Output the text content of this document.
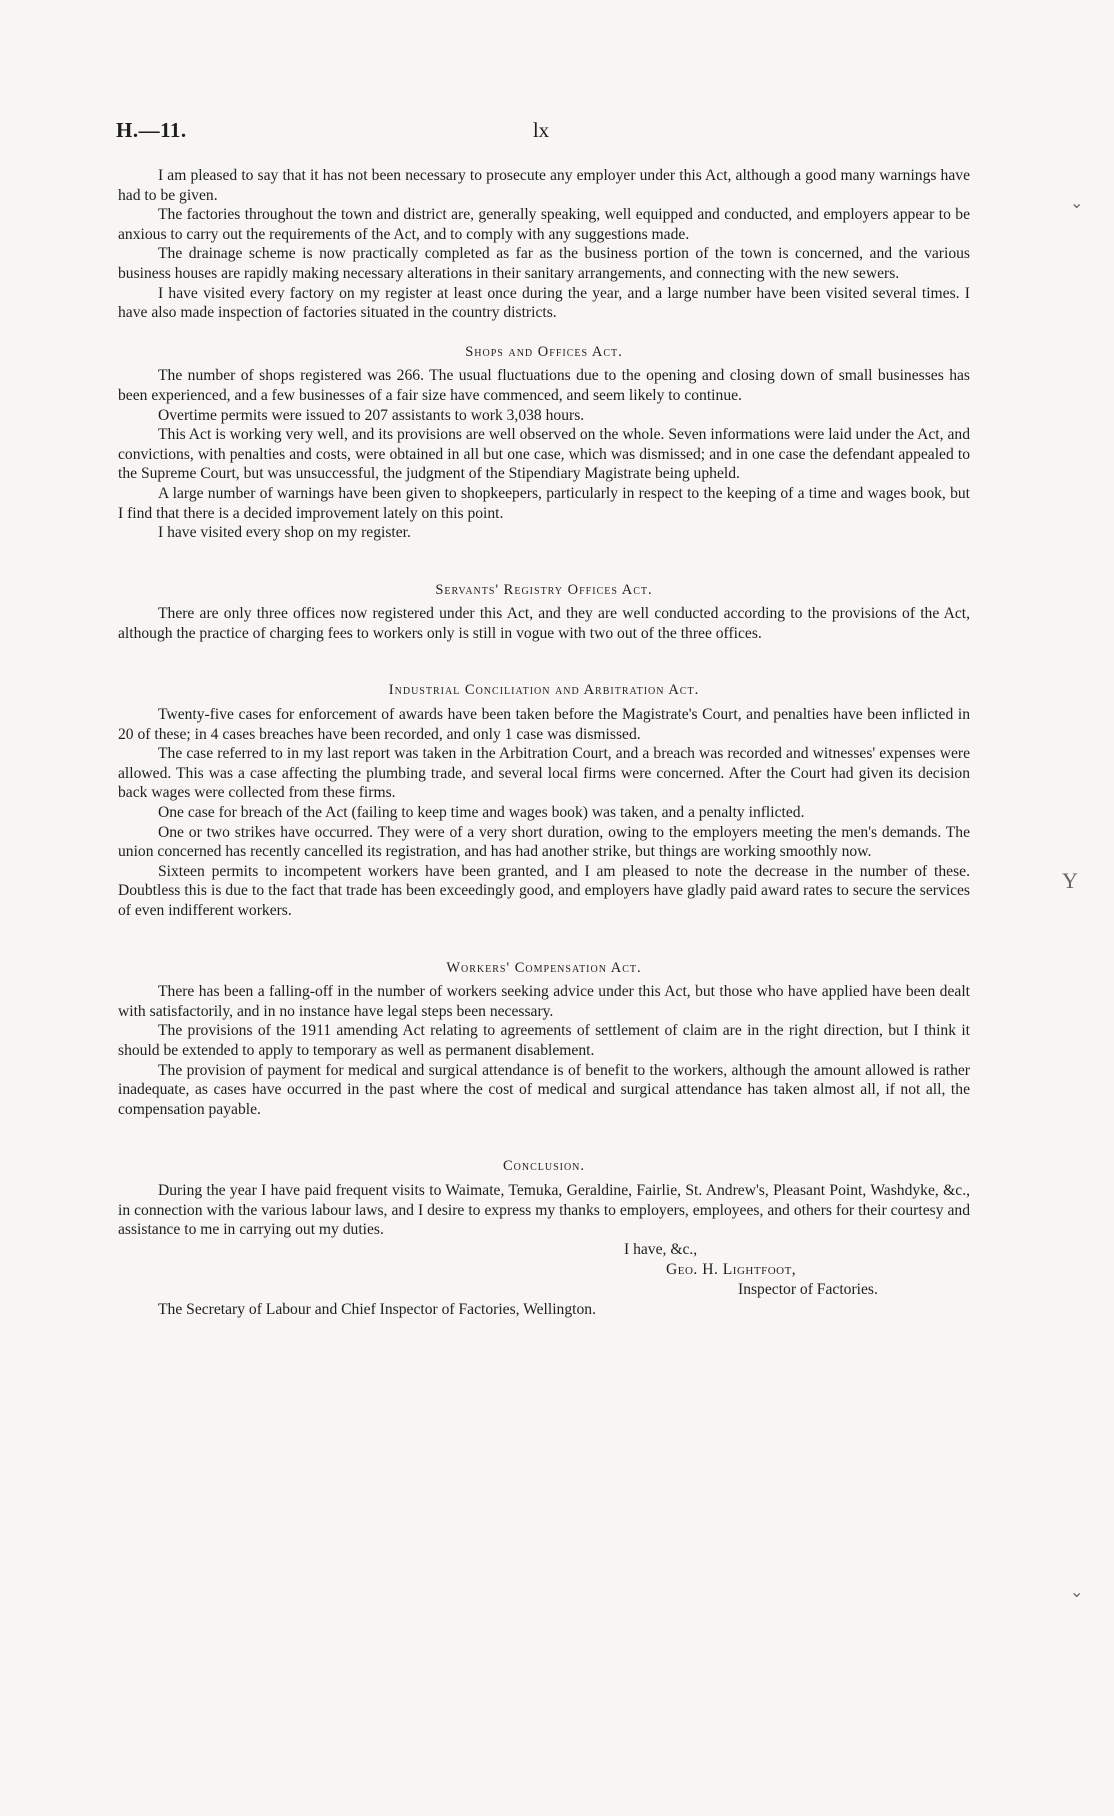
H.—11.	lx

I am pleased to say that it has not been necessary to prosecute any employer under this Act, although a good many warnings have had to be given.

The factories throughout the town and district are, generally speaking, well equipped and conducted, and employers appear to be anxious to carry out the requirements of the Act, and to comply with any suggestions made.

The drainage scheme is now practically completed as far as the business portion of the town is concerned, and the various business houses are rapidly making necessary alterations in their sanitary arrangements, and connecting with the new sewers.

I have visited every factory on my register at least once during the year, and a large number have been visited several times. I have also made inspection of factories situated in the country districts.

Shops and Offices Act.

The number of shops registered was 266. The usual fluctuations due to the opening and closing down of small businesses has been experienced, and a few businesses of a fair size have commenced, and seem likely to continue.

Overtime permits were issued to 207 assistants to work 3,038 hours.

This Act is working very well, and its provisions are well observed on the whole. Seven informations were laid under the Act, and convictions, with penalties and costs, were obtained in all but one case, which was dismissed; and in one case the defendant appealed to the Supreme Court, but was unsuccessful, the judgment of the Stipendiary Magistrate being upheld.

A large number of warnings have been given to shopkeepers, particularly in respect to the keeping of a time and wages book, but I find that there is a decided improvement lately on this point.

I have visited every shop on my register.

Servants' Registry Offices Act.

There are only three offices now registered under this Act, and they are well conducted according to the provisions of the Act, although the practice of charging fees to workers only is still in vogue with two out of the three offices.

Industrial Conciliation and Arbitration Act.

Twenty-five cases for enforcement of awards have been taken before the Magistrate's Court, and penalties have been inflicted in 20 of these; in 4 cases breaches have been recorded, and only 1 case was dismissed.

The case referred to in my last report was taken in the Arbitration Court, and a breach was recorded and witnesses' expenses were allowed. This was a case affecting the plumbing trade, and several local firms were concerned. After the Court had given its decision back wages were collected from these firms.

One case for breach of the Act (failing to keep time and wages book) was taken, and a penalty inflicted.

One or two strikes have occurred. They were of a very short duration, owing to the employers meeting the men's demands. The union concerned has recently cancelled its registration, and has had another strike, but things are working smoothly now.

Sixteen permits to incompetent workers have been granted, and I am pleased to note the decrease in the number of these. Doubtless this is due to the fact that trade has been exceedingly good, and employers have gladly paid award rates to secure the services of even indifferent workers.

Workers' Compensation Act.

There has been a falling-off in the number of workers seeking advice under this Act, but those who have applied have been dealt with satisfactorily, and in no instance have legal steps been necessary.

The provisions of the 1911 amending Act relating to agreements of settlement of claim are in the right direction, but I think it should be extended to apply to temporary as well as permanent disablement.

The provision of payment for medical and surgical attendance is of benefit to the workers, although the amount allowed is rather inadequate, as cases have occurred in the past where the cost of medical and surgical attendance has taken almost all, if not all, the compensation payable.

Conclusion.

During the year I have paid frequent visits to Waimate, Temuka, Geraldine, Fairlie, St. Andrew's, Pleasant Point, Washdyke, &c., in connection with the various labour laws, and I desire to express my thanks to employers, employees, and others for their courtesy and assistance to me in carrying out my duties.

I have, &c.,
Geo. H. Lightfoot,
Inspector of Factories.

The Secretary of Labour and Chief Inspector of Factories, Wellington.

⌄
Y
⌄
